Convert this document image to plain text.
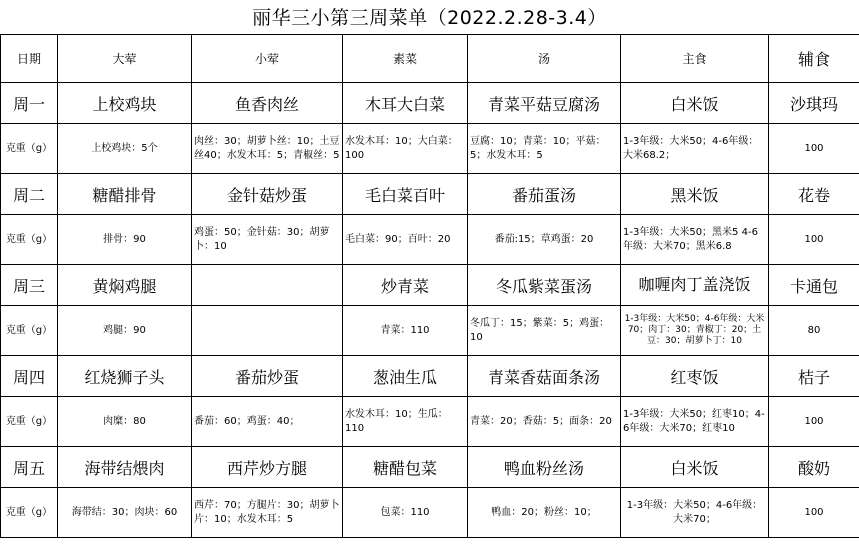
丽华三小第三周菜单（2022.2.28-3.4）
日期	大荤	小荤	素菜	汤	主食	辅食
周一	上校鸡块	鱼香肉丝	木耳大白菜	青菜平菇豆腐汤	白米饭	沙琪玛
克重（g）	上校鸡块：5个	肉丝：30；胡萝卜丝：10；土豆丝40；水发木耳：5；青椒丝：5	水发木耳：10；大白菜：100	豆腐：10；青菜：10；平菇：5；水发木耳：5	1-3年级：大米50；4-6年级：大米68.2；	100
周二	糖醋排骨	金针菇炒蛋	毛白菜百叶	番茄蛋汤	黑米饭	花卷
克重（g）	排骨：90	鸡蛋：50；金针菇：30；胡萝卜：10	毛白菜：90；百叶：20	番茄:15；草鸡蛋：20	1-3年级：大米50；黑米5 4-6年级：大米70；黑米6.8	100
周三	黄焖鸡腿		炒青菜	冬瓜紫菜蛋汤	咖喱肉丁盖浇饭	卡通包
克重（g）	鸡腿：90		青菜：110	冬瓜丁：15；紫菜：5；鸡蛋：10	1-3年级：大米50；4-6年级：大米70；肉丁：30；青椒丁：20；土豆：30；胡萝卜丁：10	80
周四	红烧狮子头	番茄炒蛋	葱油生瓜	青菜香菇面条汤	红枣饭	桔子
克重（g）	肉糜：80	番茄：60；鸡蛋：40；	水发木耳：10；生瓜：110	青菜：20；香菇：5；面条：20	1-3年级：大米50；红枣10；4-6年级：大米70；红枣10	100
周五	海带结煨肉	西芹炒方腿	糖醋包菜	鸭血粉丝汤	白米饭	酸奶
克重（g）	海带结：30；肉块：60	西芹：70；方腿片：30；胡萝卜片：10；水发木耳：5	包菜：110	鸭血：20；粉丝：10；	1-3年级：大米50；4-6年级：大米70；	100
